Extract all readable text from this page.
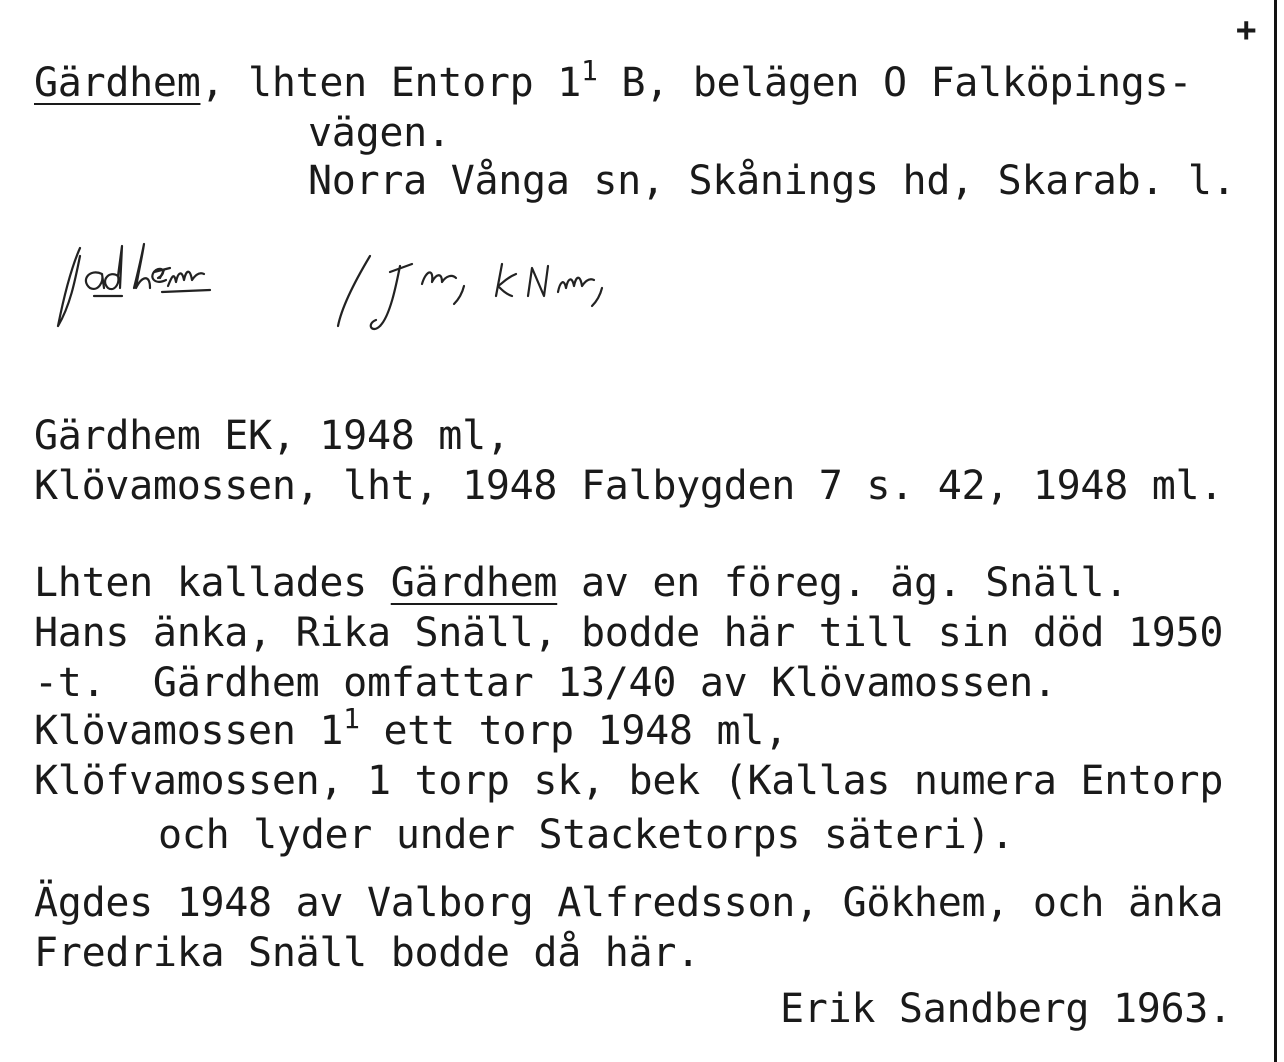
+
Gärdhem, lhten Entorp $1^1$ B, belägen O Falköpings-
vägen.
Norra Vånga sn, Skånings hd, Skarab. l.
Gärdhem EK, 1948 ml,
Klövamossen, lht, 1948 Falbygden 7 s. 42, 1948 ml.
Lhten kallades Gärdhem av en föreg. äg. Snäll.
Hans änka, Rika Snäll, bodde här till sin död 1950
-t.  Gärdhem omfattar 13/40 av Klövamossen.
Klövamossen $1^1$ ett torp 1948 ml,
Klöfvamossen, 1 torp sk, bek (Kallas numera Entorp
och lyder under Stacketorps säteri).
Ägdes 1948 av Valborg Alfredsson, Gökhem, och änka
Fredrika Snäll bodde då här.
Erik Sandberg 1963.
